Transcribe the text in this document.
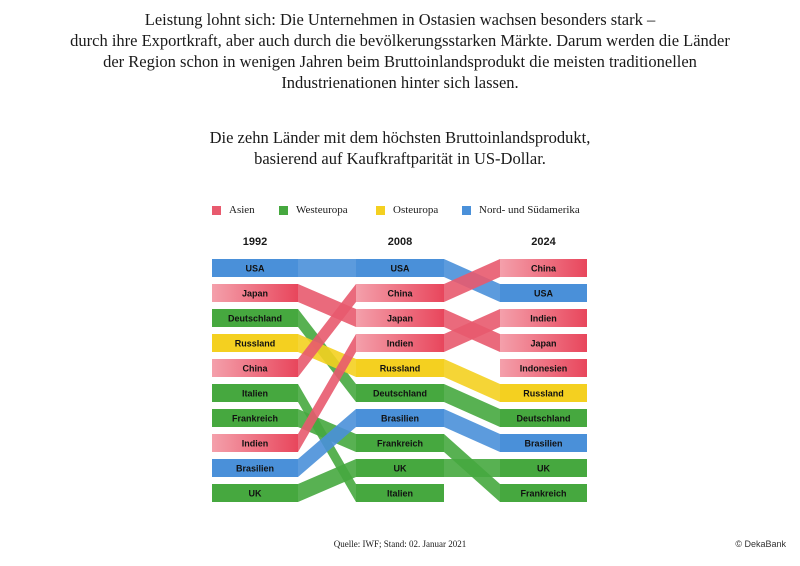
Leistung lohnt sich: Die Unternehmen in Ostasien wachsen besonders stark –
durch ihre Exportkraft, aber auch durch die bevölkerungsstarken Märkte. Darum werden die Länder
der Region schon in wenigen Jahren beim Bruttoinlandsprodukt die meisten traditionellen
Industrienationen hinter sich lassen.
Die zehn Länder mit dem höchsten Bruttoinlandsprodukt,
basierend auf Kaufkraftparität in US-Dollar.
Asien	Westeuropa	Osteuropa	Nord- und Südamerika
1992
USA
Japan
Deutschland
Russland
China
Italien
Frankreich
Indien
Brasilien
UK
2008
USA
China
Japan
Indien
Russland
Deutschland
Brasilien
Frankreich
UK
Italien
2024
China
USA
Indien
Japan
Indonesien
Russland
Deutschland
Brasilien
UK
Frankreich
Quelle: IWF; Stand: 02. Januar 2021	© DekaBank
